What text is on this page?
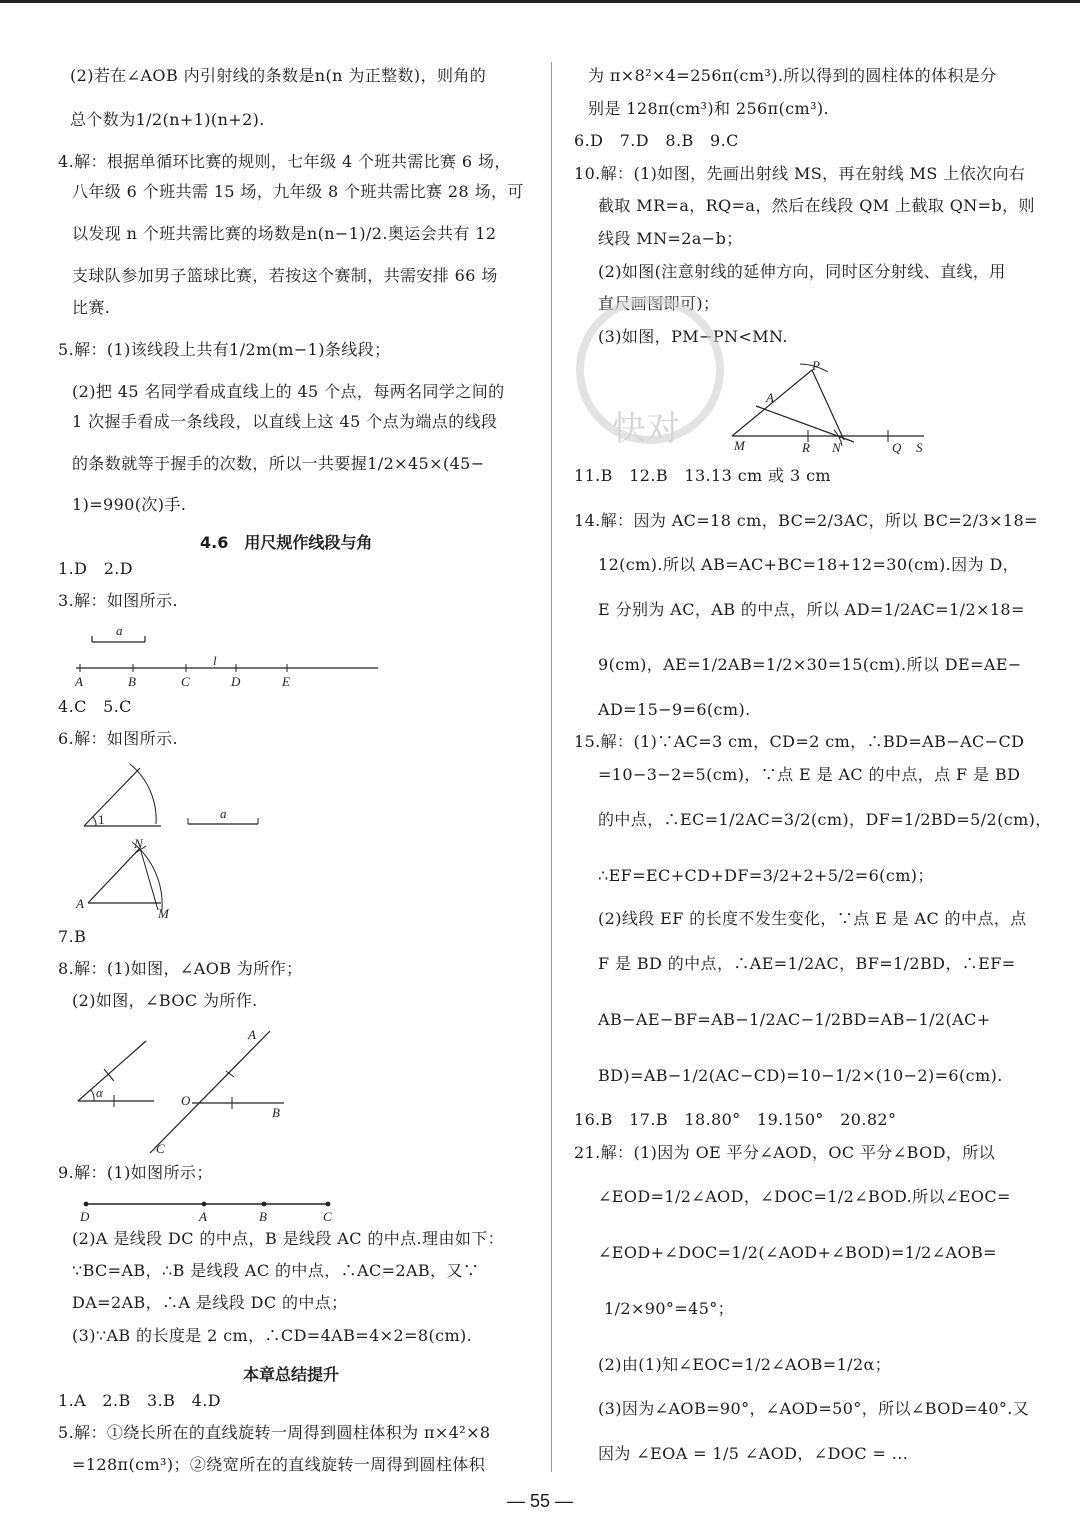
(2)若在∠AOB 内引射线的条数是n(n 为正整数)，则角的
总个数为1/2(n+1)(n+2).
4.解：根据单循环比赛的规则，七年级 4 个班共需比赛 6 场，
八年级 6 个班共需 15 场，九年级 8 个班共需比赛 28 场，可
以发现 n 个班共需比赛的场数是n(n−1)/2.奥运会共有 12
支球队参加男子篮球比赛，若按这个赛制，共需安排 66 场
比赛.
5.解：(1)该线段上共有1/2m(m−1)条线段；
(2)把 45 名同学看成直线上的 45 个点，每两名同学之间的
1 次握手看成一条线段，以直线上这 45 个点为端点的线段
的条数就等于握手的次数，所以一共要握1/2×45×(45−
1)=990(次)手.
1.D　2.D
3.解：如图所示.
4.C　5.C
6.解：如图所示.
7.B
8.解：(1)如图，∠AOB 为所作；
(2)如图，∠BOC 为所作.
9.解：(1)如图所示；
(2)A 是线段 DC 的中点，B 是线段 AC 的中点.理由如下：
∵BC=AB，∴B 是线段 AC 的中点，∴AC=2AB，又∵
DA=2AB，∴A 是线段 DC 的中点；
(3)∵AB 的长度是 2 cm，∴CD=4AB=4×2=8(cm).
1.A　2.B　3.B　4.D
5.解：①绕长所在的直线旋转一周得到圆柱体积为 π×4²×8
=128π(cm³)；②绕宽所在的直线旋转一周得到圆柱体积
4.6　用尺规作线段与角
本章总结提升
为 π×8²×4=256π(cm³).所以得到的圆柱体的体积是分
别是 128π(cm³)和 256π(cm³).
6.D　7.D　8.B　9.C
10.解：(1)如图，先画出射线 MS，再在射线 MS 上依次向右
截取 MR=a，RQ=a，然后在线段 QM 上截取 QN=b，则
线段 MN=2a−b；
(2)如图(注意射线的延伸方向，同时区分射线、直线，用
直尺画图即可)；
(3)如图，PM−PN<MN.
11.B　12.B　13.13 cm 或 3 cm
14.解：因为 AC=18 cm，BC=2/3AC，所以 BC=2/3×18=
12(cm).所以 AB=AC+BC=18+12=30(cm).因为 D，
E 分别为 AC，AB 的中点，所以 AD=1/2AC=1/2×18=
9(cm)，AE=1/2AB=1/2×30=15(cm).所以 DE=AE−
AD=15−9=6(cm).
15.解：(1)∵AC=3 cm，CD=2 cm，∴BD=AB−AC−CD
=10−3−2=5(cm)，∵点 E 是 AC 的中点，点 F 是 BD
的中点，∴EC=1/2AC=3/2(cm)，DF=1/2BD=5/2(cm)，
∴EF=EC+CD+DF=3/2+2+5/2=6(cm)；
(2)线段 EF 的长度不发生变化，∵点 E 是 AC 的中点，点
F 是 BD 的中点，∴AE=1/2AC，BF=1/2BD，∴EF=
AB−AE−BF=AB−1/2AC−1/2BD=AB−1/2(AC+
BD)=AB−1/2(AC−CD)=10−1/2×(10−2)=6(cm).
16.B　17.B　18.80°　19.150°　20.82°
21.解：(1)因为 OE 平分∠AOD，OC 平分∠BOD，所以
∠EOD=1/2∠AOD，∠DOC=1/2∠BOD.所以∠EOC=
∠EOD+∠DOC=1/2(∠AOD+∠BOD)=1/2∠AOB=
1/2×90°=45°；
(2)由(1)知∠EOC=1/2∠AOB=1/2α；
(3)因为∠AOB=90°，∠AOD=50°，所以∠BOD=40°.又
因为 ∠EOA = 1/5 ∠AOD，∠DOC = ...
a
l
A	B	C	D	E
1	a
N
A
M
α
A
O
B
C
D	A	B	C
P
A
M	R N	Q S
快对
— 55 —
